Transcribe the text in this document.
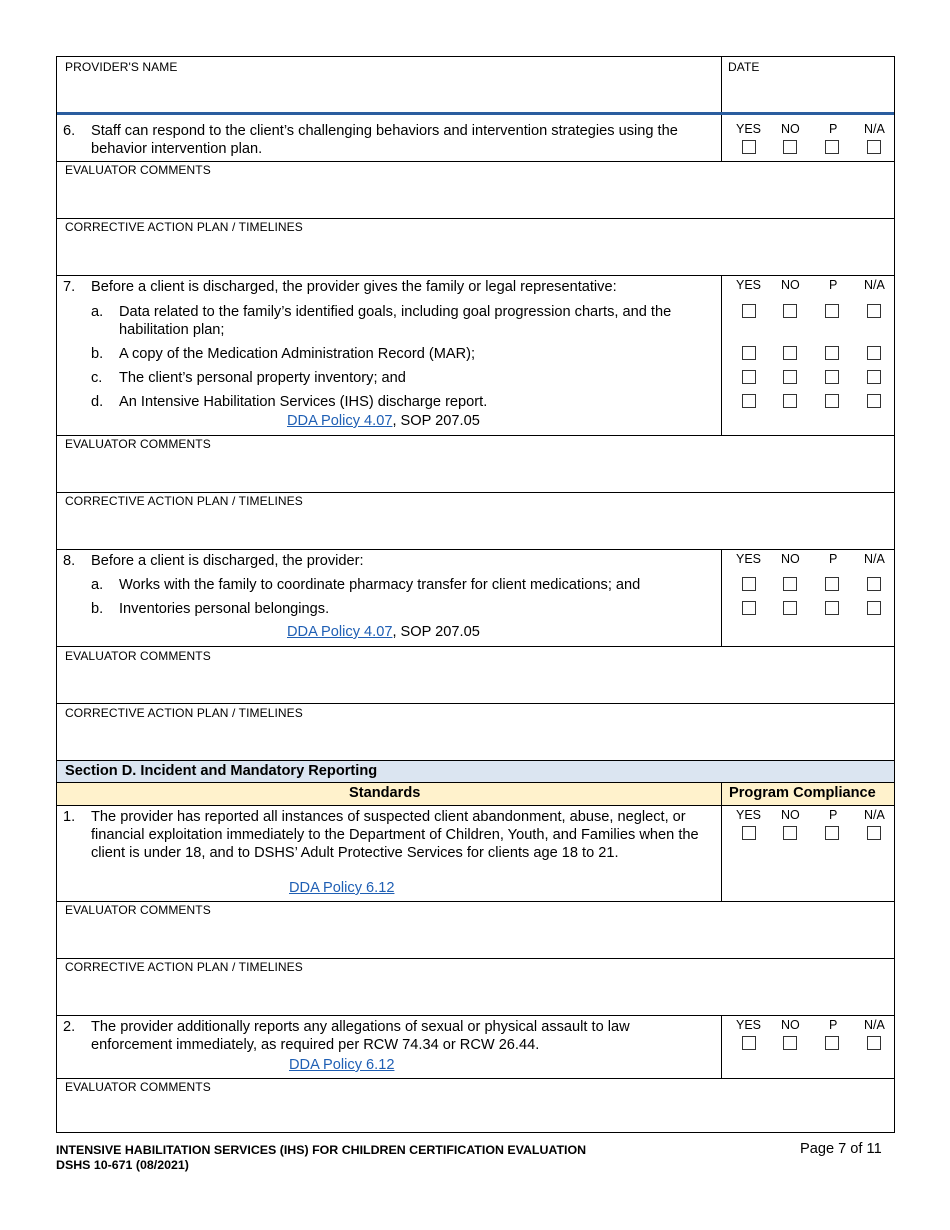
PROVIDER'S NAME	DATE
6. Staff can respond to the client’s challenging behaviors and intervention strategies using the behavior intervention plan.
YES NO P N/A
EVALUATOR COMMENTS
CORRECTIVE ACTION PLAN / TIMELINES
7. Before a client is discharged, the provider gives the family or legal representative:
a. Data related to the family’s identified goals, including goal progression charts, and the habilitation plan;
b. A copy of the Medication Administration Record (MAR);
c. The client’s personal property inventory; and
d. An Intensive Habilitation Services (IHS) discharge report.
DDA Policy 4.07, SOP 207.05
YES NO P N/A
EVALUATOR COMMENTS
CORRECTIVE ACTION PLAN / TIMELINES
8. Before a client is discharged, the provider:
a. Works with the family to coordinate pharmacy transfer for client medications; and
b. Inventories personal belongings.
DDA Policy 4.07, SOP 207.05
YES NO P N/A
EVALUATOR COMMENTS
CORRECTIVE ACTION PLAN / TIMELINES
Section D. Incident and Mandatory Reporting
Standards	Program Compliance
1. The provider has reported all instances of suspected client abandonment, abuse, neglect, or financial exploitation immediately to the Department of Children, Youth, and Families when the client is under 18, and to DSHS’ Adult Protective Services for clients age 18 to 21.
DDA Policy 6.12
YES NO P N/A
EVALUATOR COMMENTS
CORRECTIVE ACTION PLAN / TIMELINES
2. The provider additionally reports any allegations of sexual or physical assault to law enforcement immediately, as required per RCW 74.34 or RCW 26.44.
DDA Policy 6.12
YES NO P N/A
EVALUATOR COMMENTS
INTENSIVE HABILITATION SERVICES (IHS) FOR CHILDREN CERTIFICATION EVALUATION
DSHS 10-671 (08/2021)
Page 7 of 11
